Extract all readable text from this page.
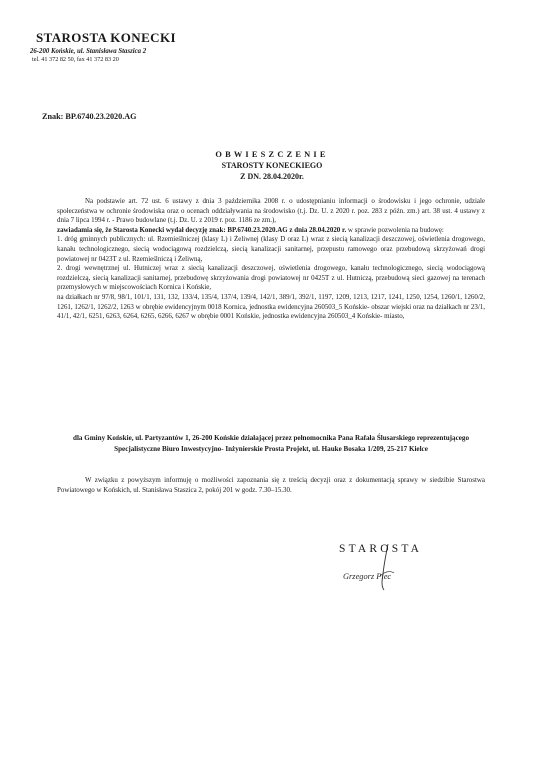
STAROSTA KONECKI
26-200 Końskie, ul. Stanisława Staszica 2
tel. 41 372 82 50, fax 41 372 83 20
Znak: BP.6740.23.2020.AG
OBWIESZCZENIE
STAROSTY KONECKIEGO
Z DN. 28.04.2020r.

Na podstawie art. 72 ust. 6 ustawy z dnia 3 października 2008 r. o udostępnianiu informacji o środowisku i jego ochronie, udziale społeczeństwa w ochronie środowiska oraz o ocenach oddziaływania na środowisko (t.j. Dz. U. z 2020 r. poz. 283 z późn. zm.) art. 38 ust. 4 ustawy z dnia 7 lipca 1994 r. - Prawo budowlane (t.j. Dz. U. z 2019 r. poz. 1186 ze zm.),

zawiadamia się, że Starosta Konecki wydał decyzję znak: BP.6740.23.2020.AG z dnia 28.04.2020 r. w sprawie pozwolenia na budowę:

1. dróg gminnych publicznych: ul. Rzemieślniczej (klasy L) i Żeliwnej (klasy D oraz L) wraz z siecią kanalizacji deszczowej, oświetlenia drogowego, kanału technologicznego, siecią wodociągową rozdzielczą, siecią kanalizacji sanitarnej, przepustu ramowego oraz przebudową skrzyżowań drogi powiatowej nr 0423T z ul. Rzemieślniczą i Żeliwną,

2. drogi wewnętrznej ul. Hutniczej wraz z siecią kanalizacji deszczowej, oświetlenia drogowego, kanału technologicznego, siecią wodociągową rozdzielczą, siecią kanalizacji sanitarnej, przebudowę skrzyżowania drogi powiatowej nr 0425T z ul. Hutniczą, przebudową sieci gazowej na terenach przemysłowych w miejscowościach Kornica i Końskie,

na działkach nr 97/8, 98/1, 101/1, 131, 132, 133/4, 135/4, 137/4, 139/4, 142/1, 389/1, 392/1, 1197, 1209, 1213, 1217, 1241, 1250, 1254, 1260/1, 1260/2, 1261, 1262/1, 1262/2, 1263 w obrębie ewidencyjnym 0018 Kornica, jednostka ewidencyjna 260503_5 Końskie- obszar wiejski oraz na działkach nr 23/1, 41/1, 42/1, 6251, 6263, 6264, 6265, 6266, 6267 w obrębie 0001 Końskie, jednostka ewidencyjna 260503_4 Końskie- miasto,

dla Gminy Końskie, ul. Partyzantów 1, 26-200 Końskie działającej przez pełnomocnika Pana Rafała Ślusarskiego reprezentującego Specjalistyczne Biuro Inwestycyjno- Inżynierskie Prosta Projekt, ul. Hauke Bosaka 1/209, 25-217 Kielce
W związku z powyższym informuję o możliwości zapoznania się z treścią decyzji oraz z dokumentacją sprawy w siedzibie Starostwa Powiatowego w Końskich, ul. Stanisława Staszica 2, pokój 201 w godz. 7.30–15.30.
STAROSTA
Grzegorz Piec
